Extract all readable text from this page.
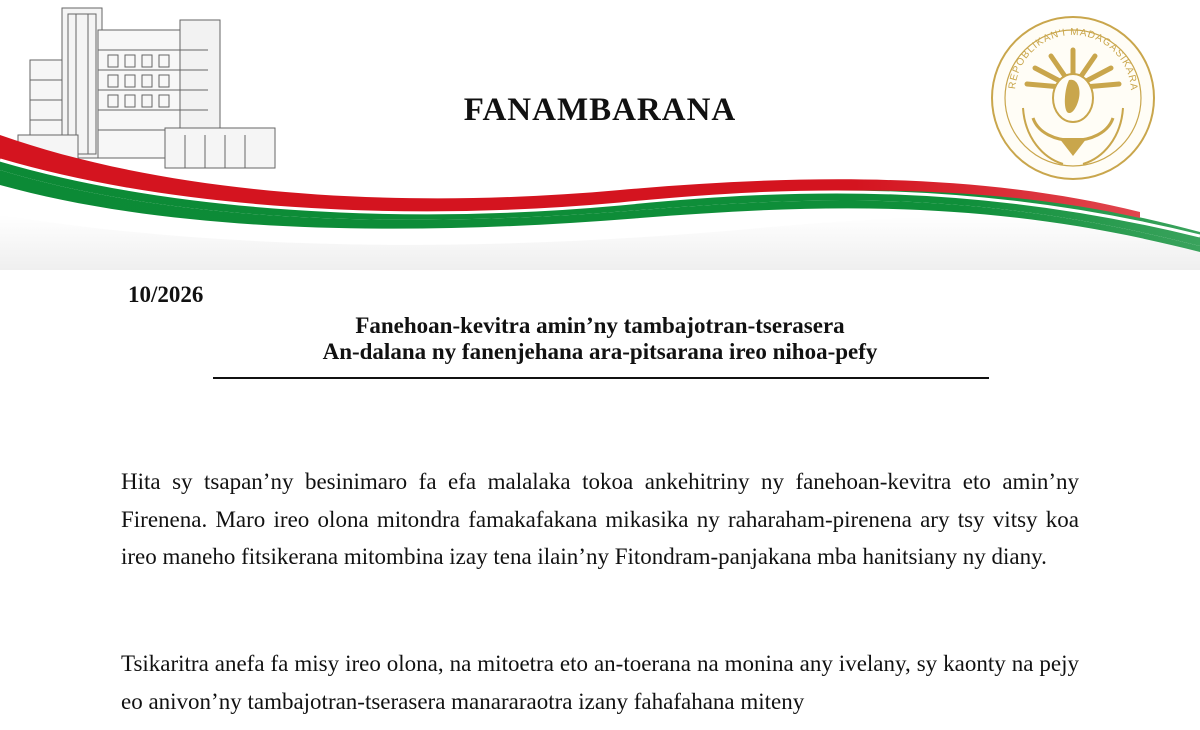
REPOBLIKAN'I MADAGASIKARA
FANAMBARANA
10/2026
Fanehoan-kevitra amin’ny tambajotran-tserasera
An-dalana ny fanenjehana ara-pitsarana ireo nihoa-pefy
Hita sy tsapan’ny besinimaro fa efa malalaka tokoa ankehitriny ny fanehoan-kevitra eto amin’ny Firenena. Maro ireo olona mitondra famakafakana mikasika ny raharaham-pirenena ary tsy vitsy koa ireo maneho fitsikerana mitombina izay tena ilain’ny Fitondram-panjakana mba hanitsiany ny diany.
Tsikaritra anefa fa misy ireo olona, na mitoetra eto an-toerana na monina any ivelany, sy kaonty na pejy eo anivon’ny tambajotran-tserasera manararaotra izany fahafahana miteny
